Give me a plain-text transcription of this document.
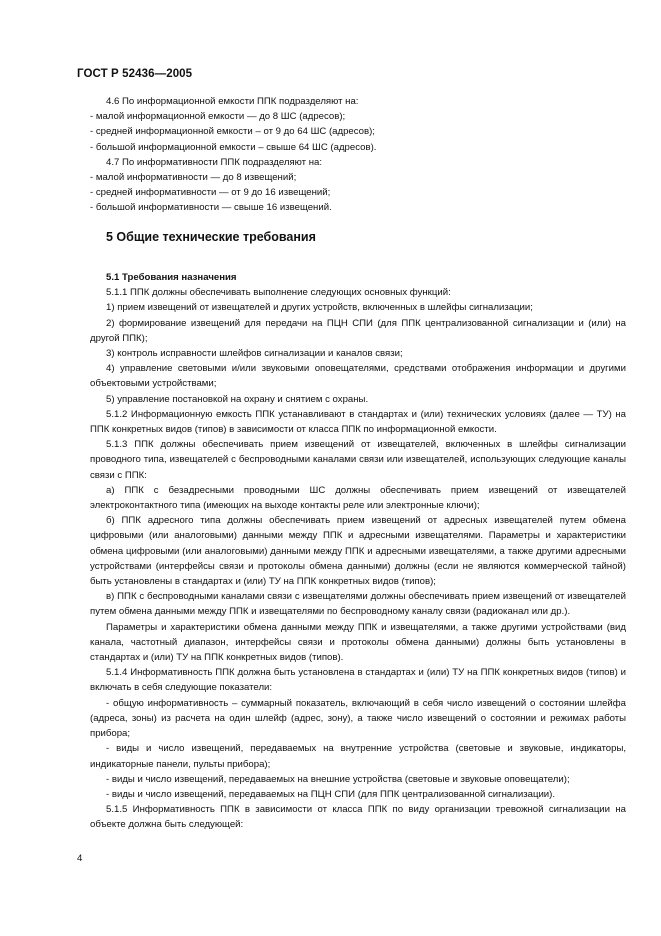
ГОСТ Р 52436—2005

4.6 По информационной емкости ППК подразделяют на:

- малой информационной емкости — до 8 ШС (адресов);

- средней информационной емкости – от 9 до 64 ШС (адресов);

- большой информационной емкости – свыше 64 ШС (адресов).

4.7 По информативности ППК подразделяют на:

- малой информативности — до 8 извещений;

- средней информативности — от 9 до 16 извещений;

- большой информативности — свыше 16 извещений.

5 Общие технические требования

5.1 Требования назначения

5.1.1 ППК должны обеспечивать выполнение следующих основных функций:

1) прием извещений от извещателей и других устройств, включенных в шлейфы сигнализации;

2) формирование извещений для передачи на ПЦН СПИ (для ППК централизованной сигнализации и (или) на другой ППК);

3) контроль исправности шлейфов сигнализации и каналов связи;

4) управление световыми и/или звуковыми оповещателями, средствами отображения информации и другими объектовыми устройствами;

5) управление постановкой на охрану и снятием с охраны.

5.1.2 Информационную емкость ППК устанавливают в стандартах и (или) технических условиях (далее — ТУ) на ППК конкретных видов (типов) в зависимости от класса ППК по информационной емкости.

5.1.3 ППК должны обеспечивать прием извещений от извещателей, включенных в шлейфы сигнализации проводного типа, извещателей с беспроводными каналами связи или извещателей, использующих следующие каналы связи с ППК:

а) ППК с безадресными проводными ШС должны обеспечивать прием извещений от извещателей электроконтактного типа (имеющих на выходе контакты реле или электронные ключи);

б) ППК адресного типа должны обеспечивать прием извещений от адресных извещателей путем обмена цифровыми (или аналоговыми) данными между ППК и адресными извещателями. Параметры и характеристики обмена цифровыми (или аналоговыми) данными между ППК и адресными извещателями, а также другими адресными устройствами (интерфейсы связи и протоколы обмена данными) должны (если не являются коммерческой тайной) быть установлены в стандартах и (или) ТУ на ППК конкретных видов (типов);

в) ППК с беспроводными каналами связи с извещателями должны обеспечивать прием извещений от извещателей путем обмена данными между ППК и извещателями по беспроводному каналу связи (радиоканал или др.).

Параметры и характеристики обмена данными между ППК и извещателями, а также другими устройствами (вид канала, частотный диапазон, интерфейсы связи и протоколы обмена данными) должны быть установлены в стандартах и (или) ТУ на ППК конкретных видов (типов).

5.1.4 Информативность ППК должна быть установлена в стандартах и (или) ТУ на ППК конкретных видов (типов) и включать в себя следующие показатели:

- общую информативность – суммарный показатель, включающий в себя число извещений о состоянии шлейфа (адреса, зоны) из расчета на один шлейф (адрес, зону), а также число извещений о состоянии и режимах работы прибора;

- виды и число извещений, передаваемых на внутренние устройства (световые и звуковые, индикаторы, индикаторные панели, пульты прибора);

- виды и число извещений, передаваемых на внешние устройства (световые и звуковые оповещатели);

- виды и число извещений, передаваемых на ПЦН СПИ (для ППК централизованной сигнализации).

5.1.5 Информативность ППК в зависимости от класса ППК по виду организации тревожной сигнализации на объекте должна быть следующей:

4
